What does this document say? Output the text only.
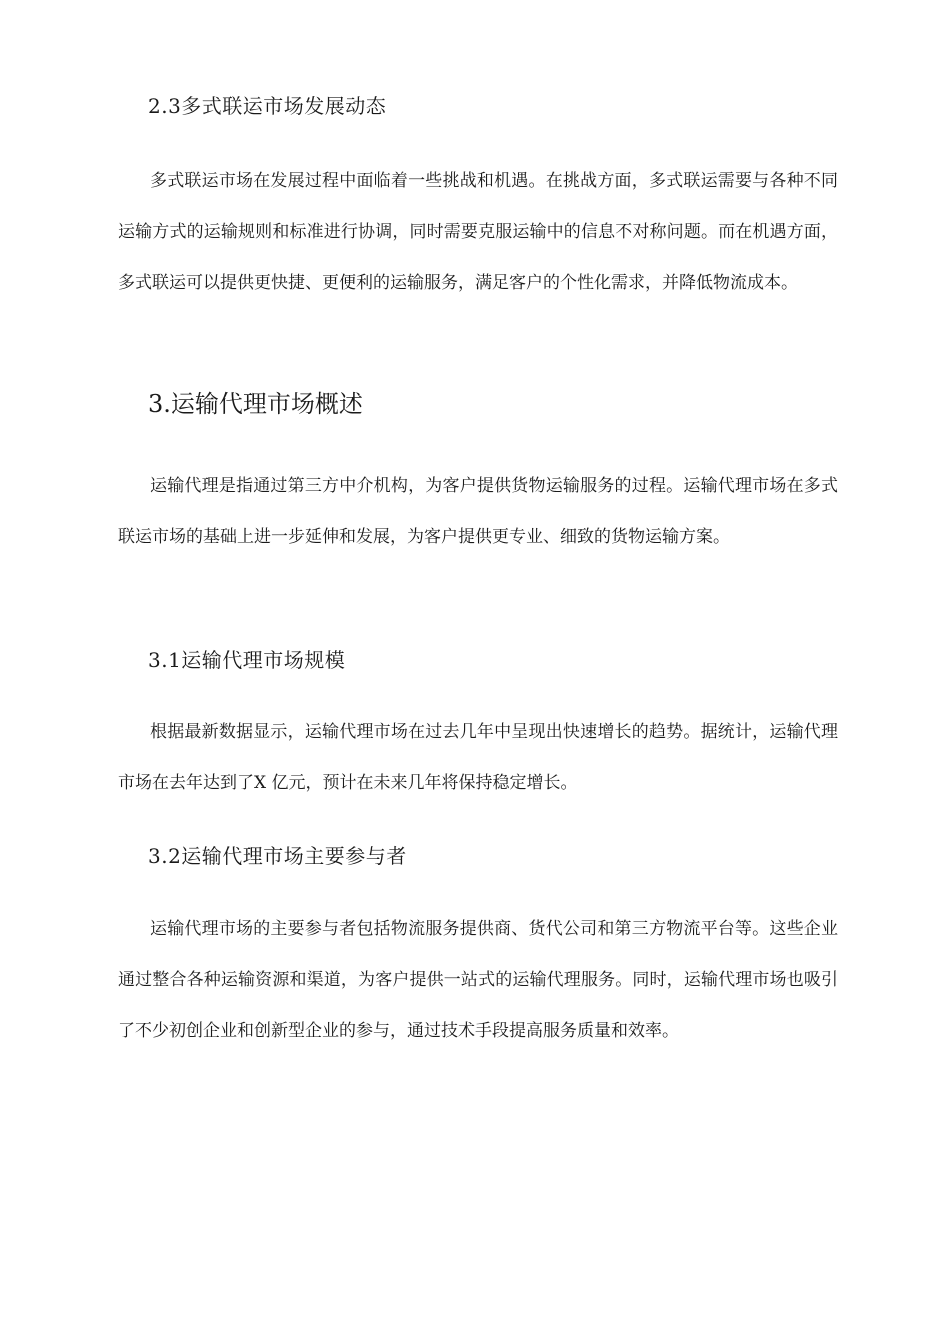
2.3多式联运市场发展动态

多式联运市场在发展过程中面临着一些挑战和机遇。在挑战方面，多式联运需要与各种不同运输方式的运输规则和标准进行协调，同时需要克服运输中的信息不对称问题。而在机遇方面，多式联运可以提供更快捷、更便利的运输服务，满足客户的个性化需求，并降低物流成本。

3.运输代理市场概述

运输代理是指通过第三方中介机构，为客户提供货物运输服务的过程。运输代理市场在多式联运市场的基础上进一步延伸和发展，为客户提供更专业、细致的货物运输方案。

3.1运输代理市场规模

根据最新数据显示，运输代理市场在过去几年中呈现出快速增长的趋势。据统计，运输代理市场在去年达到了X 亿元，预计在未来几年将保持稳定增长。

3.2运输代理市场主要参与者

运输代理市场的主要参与者包括物流服务提供商、货代公司和第三方物流平台等。这些企业通过整合各种运输资源和渠道，为客户提供一站式的运输代理服务。同时，运输代理市场也吸引了不少初创企业和创新型企业的参与，通过技术手段提高服务质量和效率。
